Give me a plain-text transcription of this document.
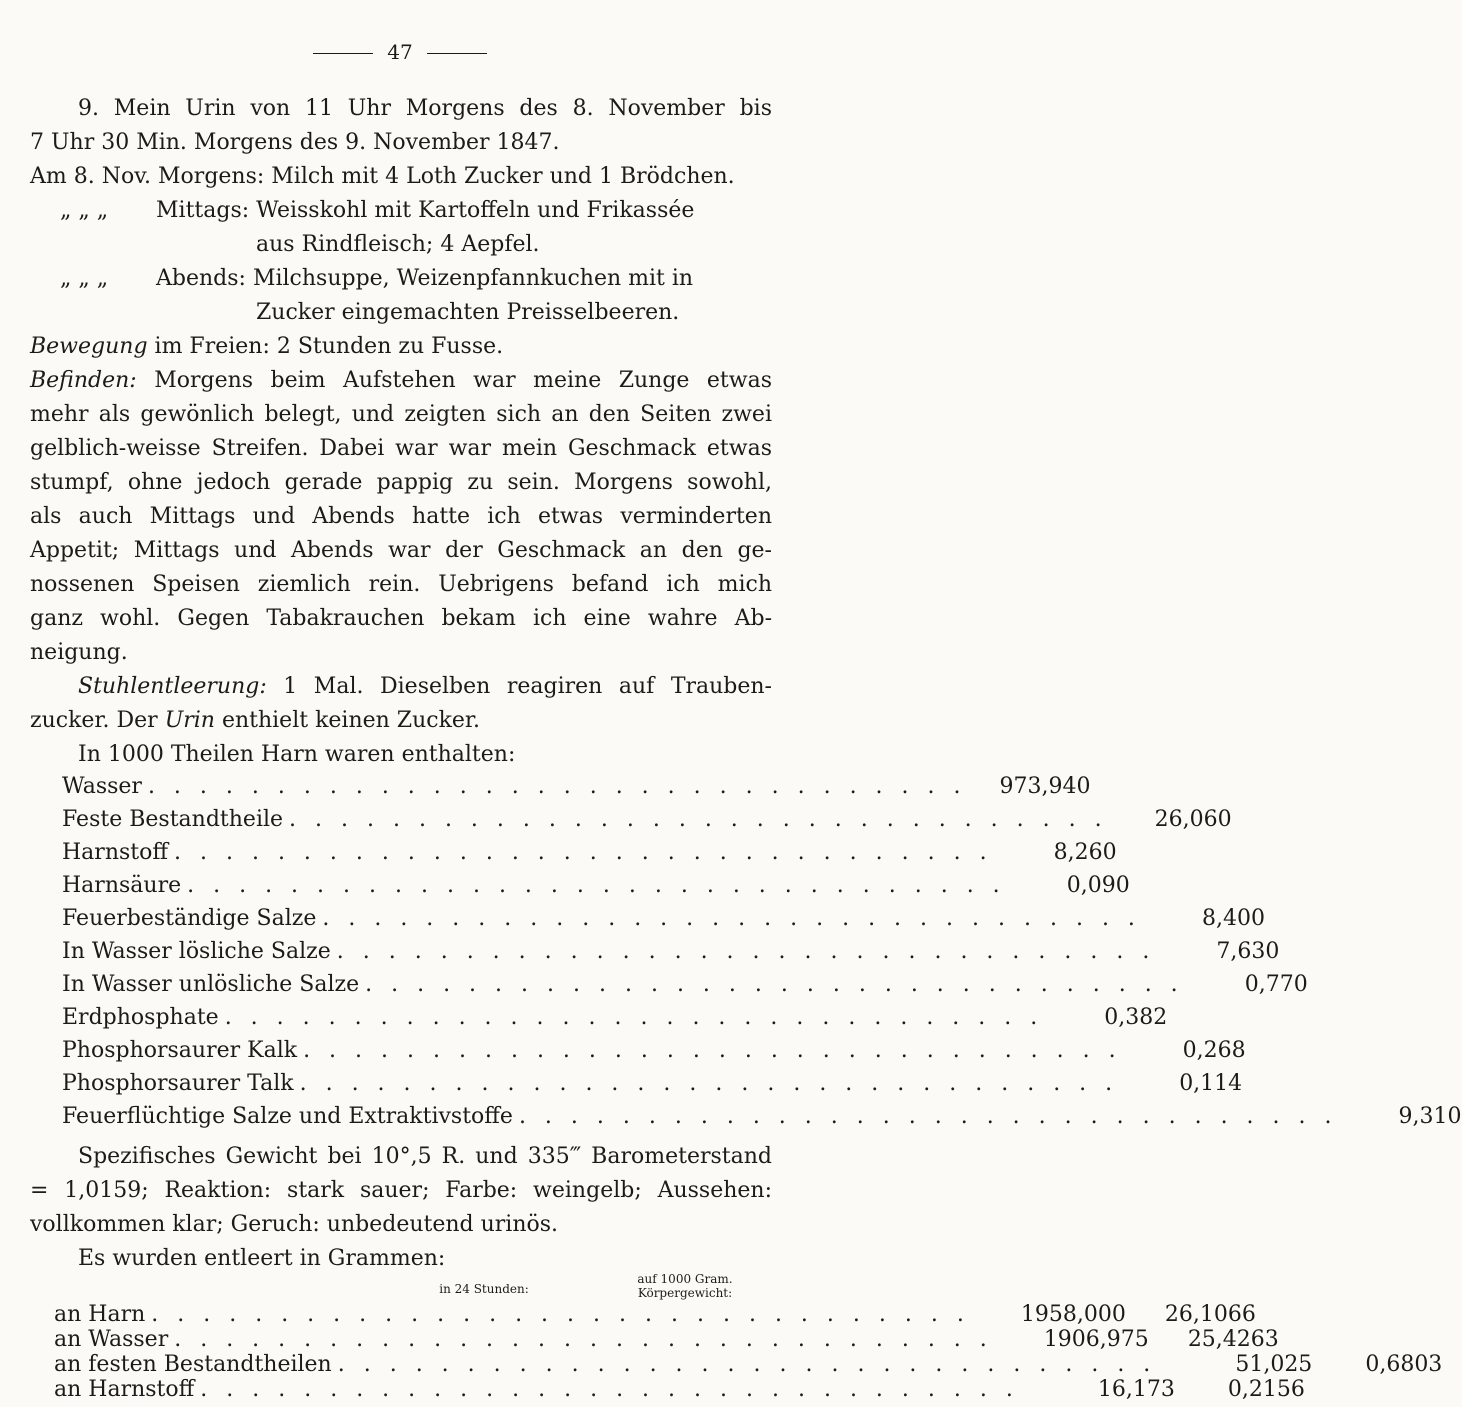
47
9. Mein Urin von 11 Uhr Morgens des 8. November bis
7 Uhr 30 Min. Morgens des 9. November 1847.
Am 8. Nov. Morgens: Milch mit 4 Loth Zucker und 1 Brödchen.
„ „ „ Mittags: Weisskohl mit Kartoffeln und Frikassée
aus Rindfleisch; 4 Aepfel.
„ „ „ Abends: Milchsuppe, Weizenpfannkuchen mit in
Zucker eingemachten Preisselbeeren.
Bewegung im Freien: 2 Stunden zu Fusse.
Befinden: Morgens beim Aufstehen war meine Zunge etwas
mehr als gewönlich belegt, und zeigten sich an den Seiten zwei
gelblich-weisse Streifen. Dabei war war mein Geschmack etwas
stumpf, ohne jedoch gerade pappig zu sein. Morgens sowohl,
als auch Mittags und Abends hatte ich etwas verminderten
Appetit; Mittags und Abends war der Geschmack an den ge-
nossenen Speisen ziemlich rein. Uebrigens befand ich mich
ganz wohl. Gegen Tabakrauchen bekam ich eine wahre Ab-
neigung.
Stuhlentleerung: 1 Mal. Dieselben reagiren auf Trauben-
zucker. Der Urin enthielt keinen Zucker.
In 1000 Theilen Harn waren enthalten:
Wasser . . . . . . . . . . . . . . . . . . . . . . . . . . . . . . . .	973,940
Feste Bestandtheile . . . . . . . . . . . . . . . . . . . . . . . . . . . . . . . .	26,060
Harnstoff . . . . . . . . . . . . . . . . . . . . . . . . . . . . . . . .	8,260
Harnsäure . . . . . . . . . . . . . . . . . . . . . . . . . . . . . . . .	0,090
Feuerbeständige Salze . . . . . . . . . . . . . . . . . . . . . . . . . . . . . . . .	8,400
In Wasser lösliche Salze . . . . . . . . . . . . . . . . . . . . . . . . . . . . . . . .	7,630
In Wasser unlösliche Salze . . . . . . . . . . . . . . . . . . . . . . . . . . . . . . . .	0,770
Erdphosphate . . . . . . . . . . . . . . . . . . . . . . . . . . . . . . . .	0,382
Phosphorsaurer Kalk . . . . . . . . . . . . . . . . . . . . . . . . . . . . . . . .	0,268
Phosphorsaurer Talk . . . . . . . . . . . . . . . . . . . . . . . . . . . . . . . .	0,114
Feuerflüchtige Salze und Extraktivstoffe . . . . . . . . . . . . . . . . . . . . . . . . . . . . . . . .	9,310
Spezifisches Gewicht bei 10°,5 R. und 335‴ Barometerstand
= 1,0159; Reaktion: stark sauer; Farbe: weingelb; Aussehen:
vollkommen klar; Geruch: unbedeutend urinös.
Es wurden entleert in Grammen:
in 24 Stunden:
auf 1000 Gram.
Körpergewicht:
an Harn . . . . . . . . . . . . . . . . . . . . . . . . . . . . . . . .	1958,000	26,1066
an Wasser . . . . . . . . . . . . . . . . . . . . . . . . . . . . . . . .	1906,975	25,4263
an festen Bestandtheilen . . . . . . . . . . . . . . . . . . . . . . . . . . . . . . . .	51,025	0,6803
an Harnstoff . . . . . . . . . . . . . . . . . . . . . . . . . . . . . . . .	16,173	0,2156
